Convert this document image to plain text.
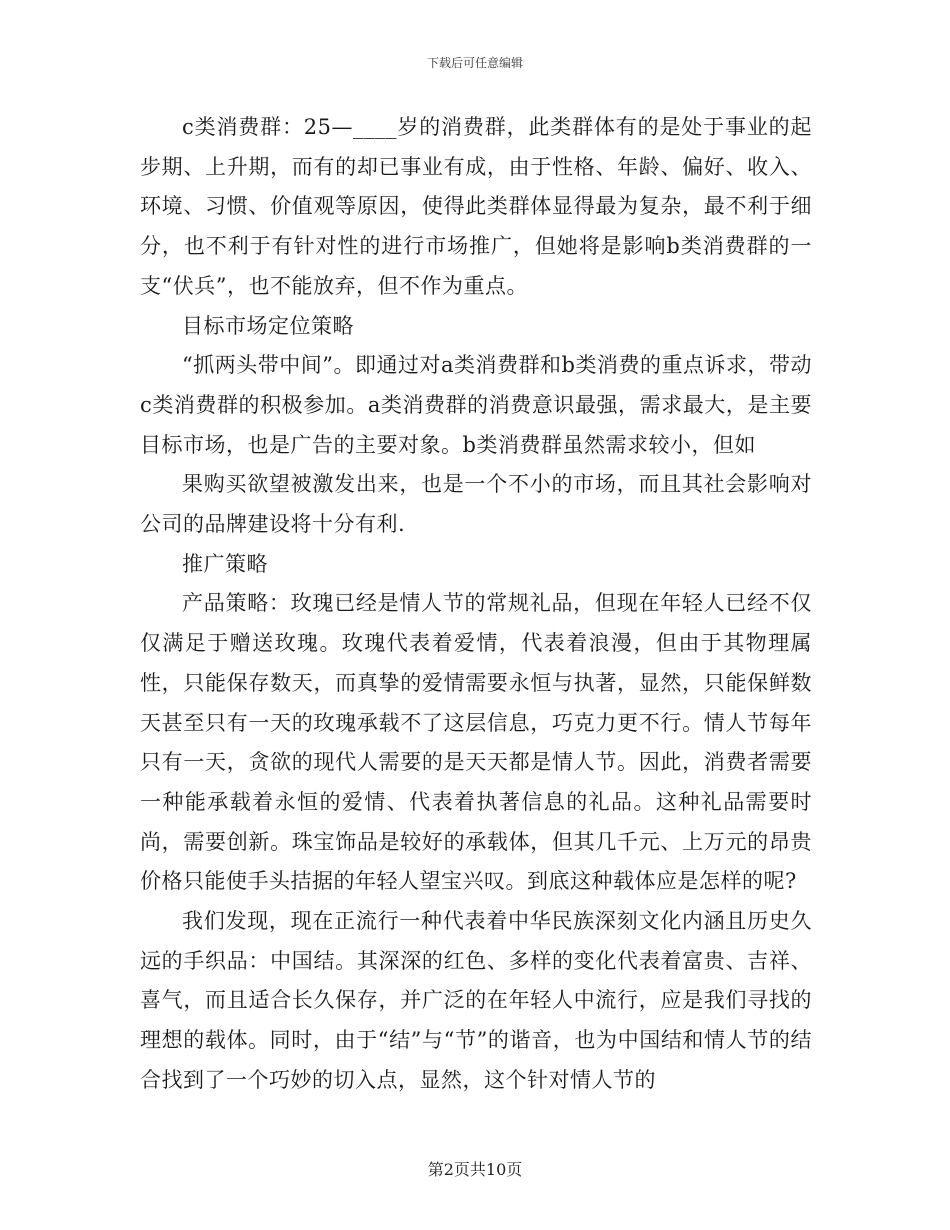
下载后可任意编辑

c类消费群：25—____岁的消费群，此类群体有的是处于事业的起步期、上升期，而有的却已事业有成，由于性格、年龄、偏好、收入、环境、习惯、价值观等原因，使得此类群体显得最为复杂，最不利于细分，也不利于有针对性的进行市场推广，但她将是影响b类消费群的一支“伏兵”，也不能放弃，但不作为重点。

目标市场定位策略

“抓两头带中间”。即通过对a类消费群和b类消费的重点诉求，带动c类消费群的积极参加。a类消费群的消费意识最强，需求最大，是主要目标市场，也是广告的主要对象。b类消费群虽然需求较小，但如

果购买欲望被激发出来，也是一个不小的市场，而且其社会影响对公司的品牌建设将十分有利.

推广策略

产品策略：玫瑰已经是情人节的常规礼品，但现在年轻人已经不仅仅满足于赠送玫瑰。玫瑰代表着爱情，代表着浪漫，但由于其物理属性，只能保存数天，而真挚的爱情需要永恒与执著，显然，只能保鲜数天甚至只有一天的玫瑰承载不了这层信息，巧克力更不行。情人节每年只有一天，贪欲的现代人需要的是天天都是情人节。因此，消费者需要一种能承载着永恒的爱情、代表着执著信息的礼品。这种礼品需要时尚，需要创新。珠宝饰品是较好的承载体，但其几千元、上万元的昂贵价格只能使手头拮据的年轻人望宝兴叹。到底这种载体应是怎样的呢?

我们发现，现在正流行一种代表着中华民族深刻文化内涵且历史久远的手织品：中国结。其深深的红色、多样的变化代表着富贵、吉祥、喜气，而且适合长久保存，并广泛的在年轻人中流行，应是我们寻找的理想的载体。同时，由于“结”与“节”的谐音，也为中国结和情人节的结合找到了一个巧妙的切入点，显然，这个针对情人节的

第2页共10页
